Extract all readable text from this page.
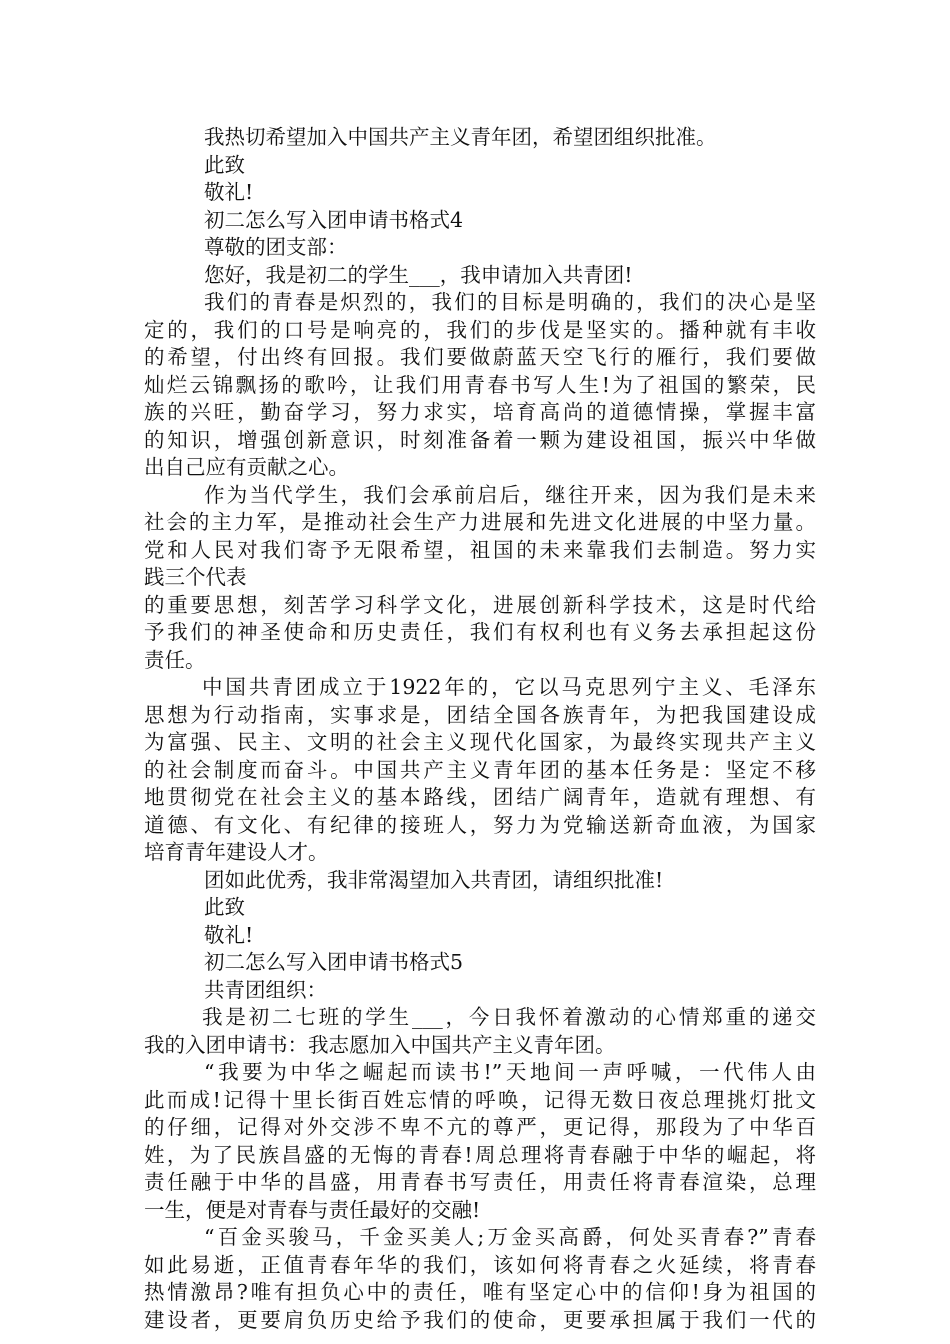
我热切希望加入中国共产主义青年团，希望团组织批准。
此致
敬礼!
初二怎么写入团申请书格式4
尊敬的团支部：
您好，我是初二的学生___，我申请加入共青团!
我们的青春是炽烈的，我们的目标是明确的，我们的决心是坚
定的，我们的口号是响亮的，我们的步伐是坚实的。播种就有丰收
的希望，付出终有回报。我们要做蔚蓝天空飞行的雁行，我们要做
灿烂云锦飘扬的歌吟，让我们用青春书写人生!为了祖国的繁荣，民
族的兴旺，勤奋学习，努力求实，培育高尚的道德情操，掌握丰富
的知识，增强创新意识，时刻准备着一颗为建设祖国，振兴中华做
出自己应有贡献之心。
作为当代学生，我们会承前启后，继往开来，因为我们是未来
社会的主力军，是推动社会生产力进展和先进文化进展的中坚力量。
党和人民对我们寄予无限希望，祖国的未来靠我们去制造。努力实
践三个代表
的重要思想，刻苦学习科学文化，进展创新科学技术，这是时代给
予我们的神圣使命和历史责任，我们有权利也有义务去承担起这份
责任。
中国共青团成立于1922年的，它以马克思列宁主义、毛泽东
思想为行动指南，实事求是，团结全国各族青年，为把我国建设成
为富强、民主、文明的社会主义现代化国家，为最终实现共产主义
的社会制度而奋斗。中国共产主义青年团的基本任务是：坚定不移
地贯彻党在社会主义的基本路线，团结广阔青年，造就有理想、有
道德、有文化、有纪律的接班人，努力为党输送新奇血液，为国家
培育青年建设人才。
团如此优秀，我非常渴望加入共青团，请组织批准!
此致
敬礼!
初二怎么写入团申请书格式5
共青团组织：
我是初二七班的学生___，今日我怀着激动的心情郑重的递交
我的入团申请书：我志愿加入中国共产主义青年团。
“我要为中华之崛起而读书!”天地间一声呼喊，一代伟人由
此而成!记得十里长街百姓忘情的呼唤，记得无数日夜总理挑灯批文
的仔细，记得对外交涉不卑不亢的尊严，更记得，那段为了中华百
姓，为了民族昌盛的无悔的青春!周总理将青春融于中华的崛起，将
责任融于中华的昌盛，用青春书写责任，用责任将青春渲染，总理
一生，便是对青春与责任最好的交融!
“百金买骏马，千金买美人;万金买高爵，何处买青春?”青春
如此易逝，正值青春年华的我们，该如何将青春之火延续，将青春
热情激昂?唯有担负心中的责任，唯有坚定心中的信仰!身为祖国的
建设者，更要肩负历史给予我们的使命，更要承担属于我们一代的
